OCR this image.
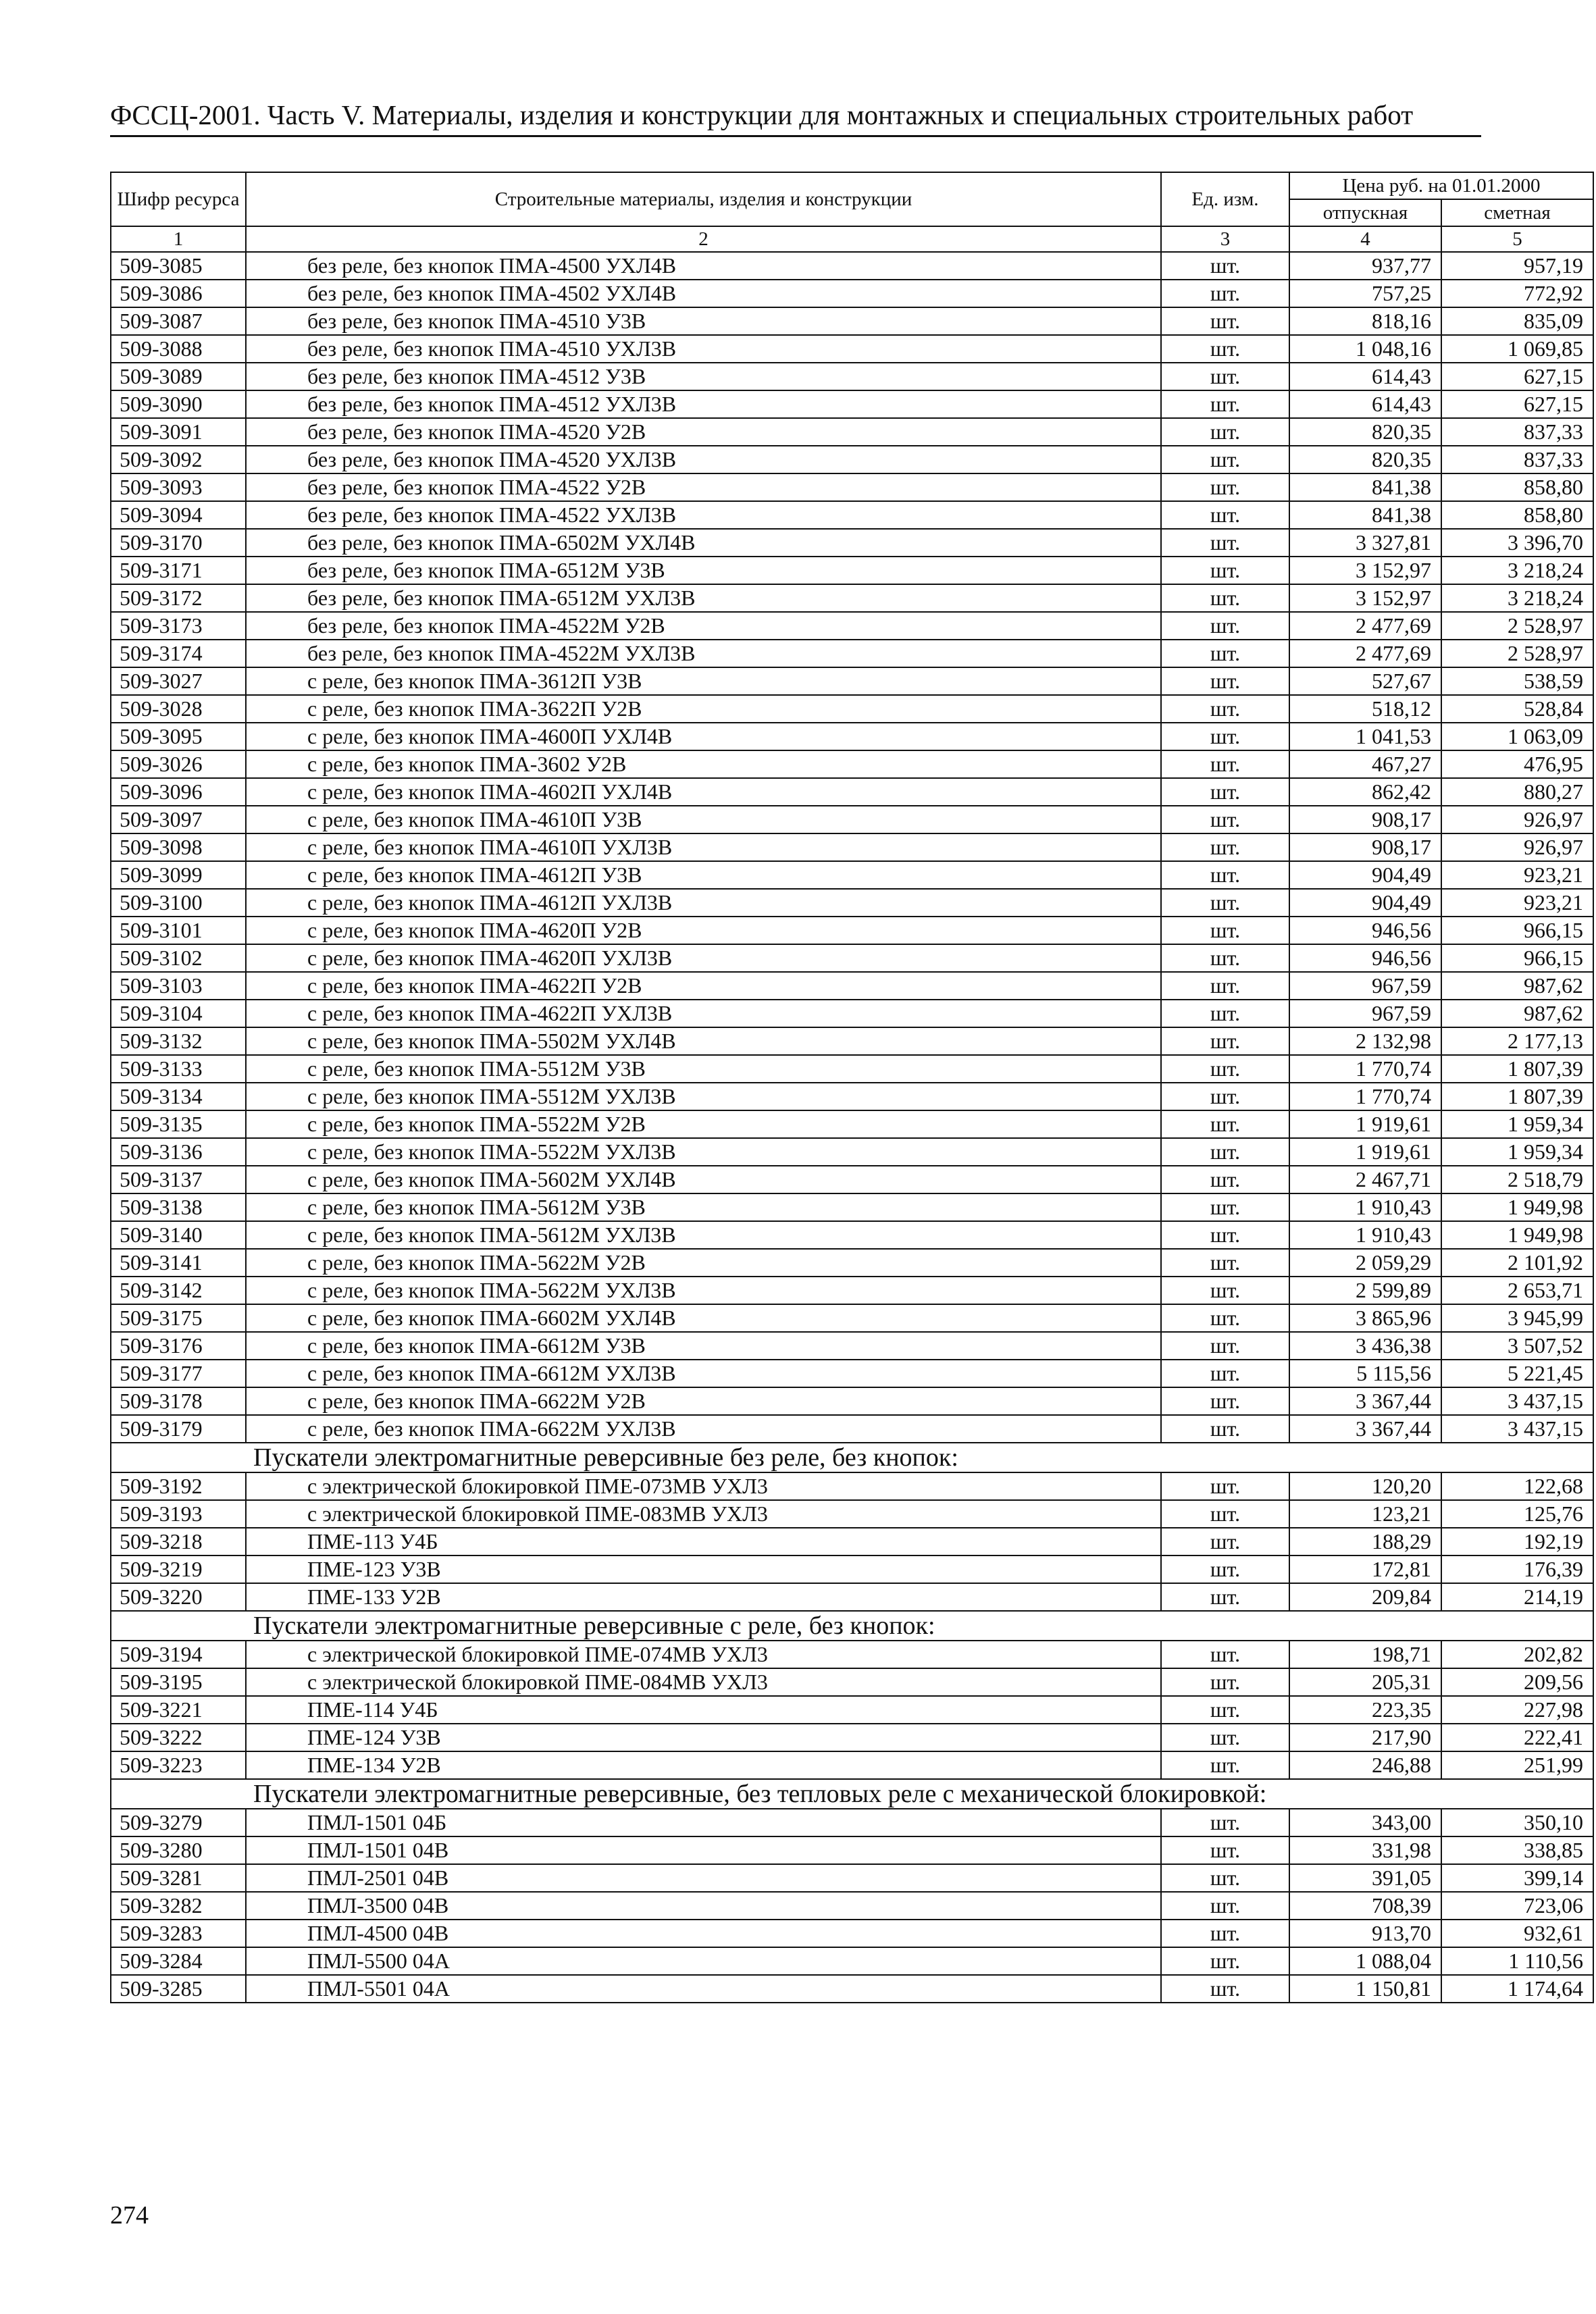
ФССЦ-2001. Часть V. Материалы, изделия и конструкции для монтажных и специальных строительных работ
Шифр ресурса	Строительные материалы, изделия и конструкции	Ед. изм.	Цена руб. на 01.01.2000	
			отпускная	сметная
1	2	3	4	5
509-3085	без реле, без кнопок ПМА-4500 УХЛ4В	шт.	937,77	957,19
509-3086	без реле, без кнопок ПМА-4502 УХЛ4В	шт.	757,25	772,92
509-3087	без реле, без кнопок ПМА-4510 У3В	шт.	818,16	835,09
509-3088	без реле, без кнопок ПМА-4510 УХЛ3В	шт.	1 048,16	1 069,85
509-3089	без реле, без кнопок ПМА-4512 У3В	шт.	614,43	627,15
509-3090	без реле, без кнопок ПМА-4512 УХЛ3В	шт.	614,43	627,15
509-3091	без реле, без кнопок ПМА-4520 У2В	шт.	820,35	837,33
509-3092	без реле, без кнопок ПМА-4520 УХЛ3В	шт.	820,35	837,33
509-3093	без реле, без кнопок ПМА-4522 У2В	шт.	841,38	858,80
509-3094	без реле, без кнопок ПМА-4522 УХЛ3В	шт.	841,38	858,80
509-3170	без реле, без кнопок ПМА-6502М УХЛ4В	шт.	3 327,81	3 396,70
509-3171	без реле, без кнопок ПМА-6512М У3В	шт.	3 152,97	3 218,24
509-3172	без реле, без кнопок ПМА-6512М УХЛ3В	шт.	3 152,97	3 218,24
509-3173	без реле, без кнопок ПМА-4522М У2В	шт.	2 477,69	2 528,97
509-3174	без реле, без кнопок ПМА-4522М УХЛ3В	шт.	2 477,69	2 528,97
509-3027	с реле, без кнопок ПМА-3612П У3В	шт.	527,67	538,59
509-3028	с реле, без кнопок ПМА-3622П У2В	шт.	518,12	528,84
509-3095	с реле, без кнопок ПМА-4600П УХЛ4В	шт.	1 041,53	1 063,09
509-3026	с реле, без кнопок ПМА-3602 У2В	шт.	467,27	476,95
509-3096	с реле, без кнопок ПМА-4602П УХЛ4В	шт.	862,42	880,27
509-3097	с реле, без кнопок ПМА-4610П У3В	шт.	908,17	926,97
509-3098	с реле, без кнопок ПМА-4610П УХЛ3В	шт.	908,17	926,97
509-3099	с реле, без кнопок ПМА-4612П У3В	шт.	904,49	923,21
509-3100	с реле, без кнопок ПМА-4612П УХЛ3В	шт.	904,49	923,21
509-3101	с реле, без кнопок ПМА-4620П У2В	шт.	946,56	966,15
509-3102	с реле, без кнопок ПМА-4620П УХЛ3В	шт.	946,56	966,15
509-3103	с реле, без кнопок ПМА-4622П У2В	шт.	967,59	987,62
509-3104	с реле, без кнопок ПМА-4622П УХЛ3В	шт.	967,59	987,62
509-3132	с реле, без кнопок ПМА-5502М УХЛ4В	шт.	2 132,98	2 177,13
509-3133	с реле, без кнопок ПМА-5512М У3В	шт.	1 770,74	1 807,39
509-3134	с реле, без кнопок ПМА-5512М УХЛ3В	шт.	1 770,74	1 807,39
509-3135	с реле, без кнопок ПМА-5522М У2В	шт.	1 919,61	1 959,34
509-3136	с реле, без кнопок ПМА-5522М УХЛ3В	шт.	1 919,61	1 959,34
509-3137	с реле, без кнопок ПМА-5602М УХЛ4В	шт.	2 467,71	2 518,79
509-3138	с реле, без кнопок ПМА-5612М У3В	шт.	1 910,43	1 949,98
509-3140	с реле, без кнопок ПМА-5612М УХЛ3В	шт.	1 910,43	1 949,98
509-3141	с реле, без кнопок ПМА-5622М У2В	шт.	2 059,29	2 101,92
509-3142	с реле, без кнопок ПМА-5622М УХЛ3В	шт.	2 599,89	2 653,71
509-3175	с реле, без кнопок ПМА-6602М УХЛ4В	шт.	3 865,96	3 945,99
509-3176	с реле, без кнопок ПМА-6612М У3В	шт.	3 436,38	3 507,52
509-3177	с реле, без кнопок ПМА-6612М УХЛ3В	шт.	5 115,56	5 221,45
509-3178	с реле, без кнопок ПМА-6622М У2В	шт.	3 367,44	3 437,15
509-3179	с реле, без кнопок ПМА-6622М УХЛ3В	шт.	3 367,44	3 437,15
Пускатели электромагнитные реверсивные без реле, без кнопок:				
509-3192	с электрической блокировкой ПМЕ-073МВ УХЛ3	шт.	120,20	122,68
509-3193	с электрической блокировкой ПМЕ-083МВ УХЛ3	шт.	123,21	125,76
509-3218	ПМЕ-113 У4Б	шт.	188,29	192,19
509-3219	ПМЕ-123 У3В	шт.	172,81	176,39
509-3220	ПМЕ-133 У2В	шт.	209,84	214,19
Пускатели электромагнитные реверсивные с реле, без кнопок:				
509-3194	с электрической блокировкой ПМЕ-074МВ УХЛ3	шт.	198,71	202,82
509-3195	с электрической блокировкой ПМЕ-084МВ УХЛ3	шт.	205,31	209,56
509-3221	ПМЕ-114 У4Б	шт.	223,35	227,98
509-3222	ПМЕ-124 У3В	шт.	217,90	222,41
509-3223	ПМЕ-134 У2В	шт.	246,88	251,99
Пускатели электромагнитные реверсивные, без тепловых реле с механической блокировкой:				
509-3279	ПМЛ-1501 04Б	шт.	343,00	350,10
509-3280	ПМЛ-1501 04В	шт.	331,98	338,85
509-3281	ПМЛ-2501 04В	шт.	391,05	399,14
509-3282	ПМЛ-3500 04В	шт.	708,39	723,06
509-3283	ПМЛ-4500 04В	шт.	913,70	932,61
509-3284	ПМЛ-5500 04А	шт.	1 088,04	1 110,56
509-3285	ПМЛ-5501 04А	шт.	1 150,81	1 174,64
274
